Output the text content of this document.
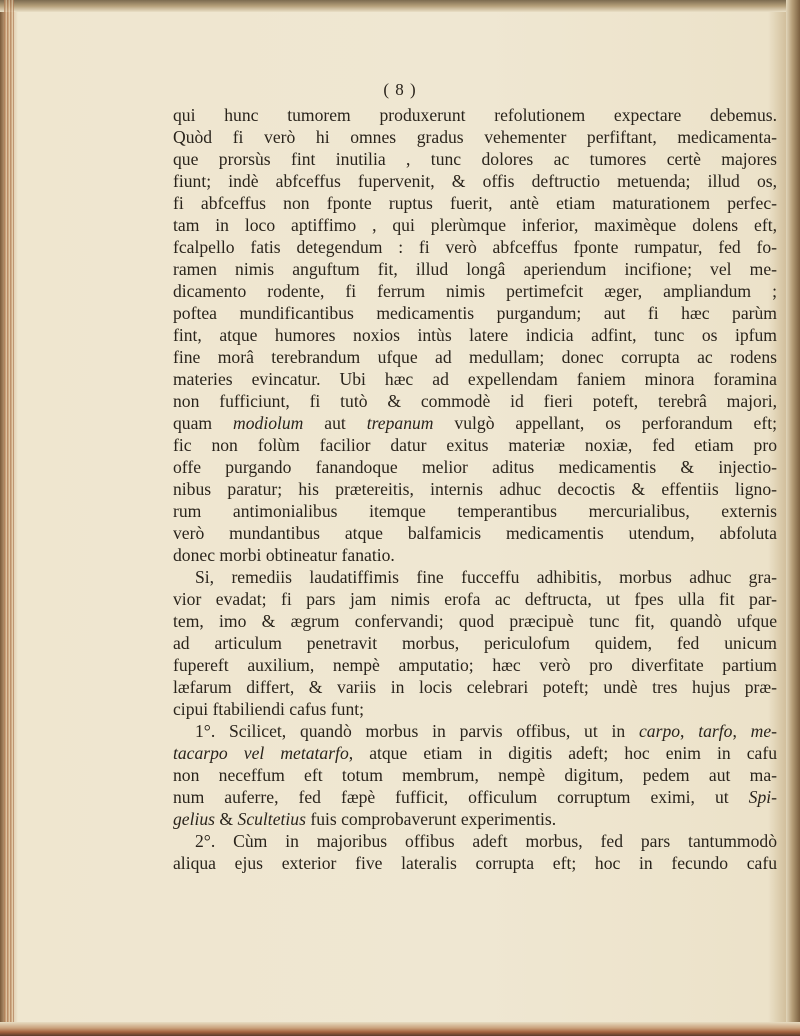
( 8 )
qui hunc tumorem produxerunt refolutionem expectare debemus.
Quòd fi verò hi omnes gradus vehementer perfiftant, medicamenta-
que prorsùs fint inutilia , tunc dolores ac tumores certè majores
fiunt; indè abfceffus fupervenit, & offis deftructio metuenda; illud os,
fi abfceffus non fponte ruptus fuerit, antè etiam maturationem perfec-
tam in loco aptiffimo , qui plerùmque inferior, maximèque dolens eft,
fcalpello fatis detegendum : fi verò abfceffus fponte rumpatur, fed fo-
ramen nimis anguftum fit, illud longâ aperiendum incifione; vel me-
dicamento rodente, fi ferrum nimis pertimefcit æger, ampliandum ;
poftea mundificantibus medicamentis purgandum; aut fi hæc parùm
fint, atque humores noxios intùs latere indicia adfint, tunc os ipfum
fine morâ terebrandum ufque ad medullam; donec corrupta ac rodens
materies evincatur. Ubi hæc ad expellendam faniem minora foramina
non fufficiunt, fi tutò & commodè id fieri poteft, terebrâ majori,
quam modiolum aut trepanum vulgò appellant, os perforandum eft;
fic non folùm facilior datur exitus materiæ noxiæ, fed etiam pro
offe purgando fanandoque melior aditus medicamentis & injectio-
nibus paratur; his prætereitis, internis adhuc decoctis & effentiis ligno-
rum antimonialibus itemque temperantibus mercurialibus, externis
verò mundantibus atque balfamicis medicamentis utendum, abfoluta
donec morbi obtineatur fanatio.
Si, remediis laudatiffimis fine fucceffu adhibitis, morbus adhuc gra-
vior evadat; fi pars jam nimis erofa ac deftructa, ut fpes ulla fit par-
tem, imo & ægrum confervandi; quod præcipuè tunc fit, quandò ufque
ad articulum penetravit morbus, periculofum quidem, fed unicum
fupereft auxilium, nempè amputatio; hæc verò pro diverfitate partium
læfarum differt, & variis in locis celebrari poteft; undè tres hujus præ-
cipui ftabiliendi cafus funt;
1°. Scilicet, quandò morbus in parvis offibus, ut in carpo, tarfo, me-
tacarpo vel metatarfo, atque etiam in digitis adeft; hoc enim in cafu
non neceffum eft totum membrum, nempè digitum, pedem aut ma-
num auferre, fed fæpè fufficit, officulum corruptum eximi, ut Spi-
gelius & Scultetius fuis comprobaverunt experimentis.
2°. Cùm in majoribus offibus adeft morbus, fed pars tantummodò
aliqua ejus exterior five lateralis corrupta eft; hoc in fecundo cafu
